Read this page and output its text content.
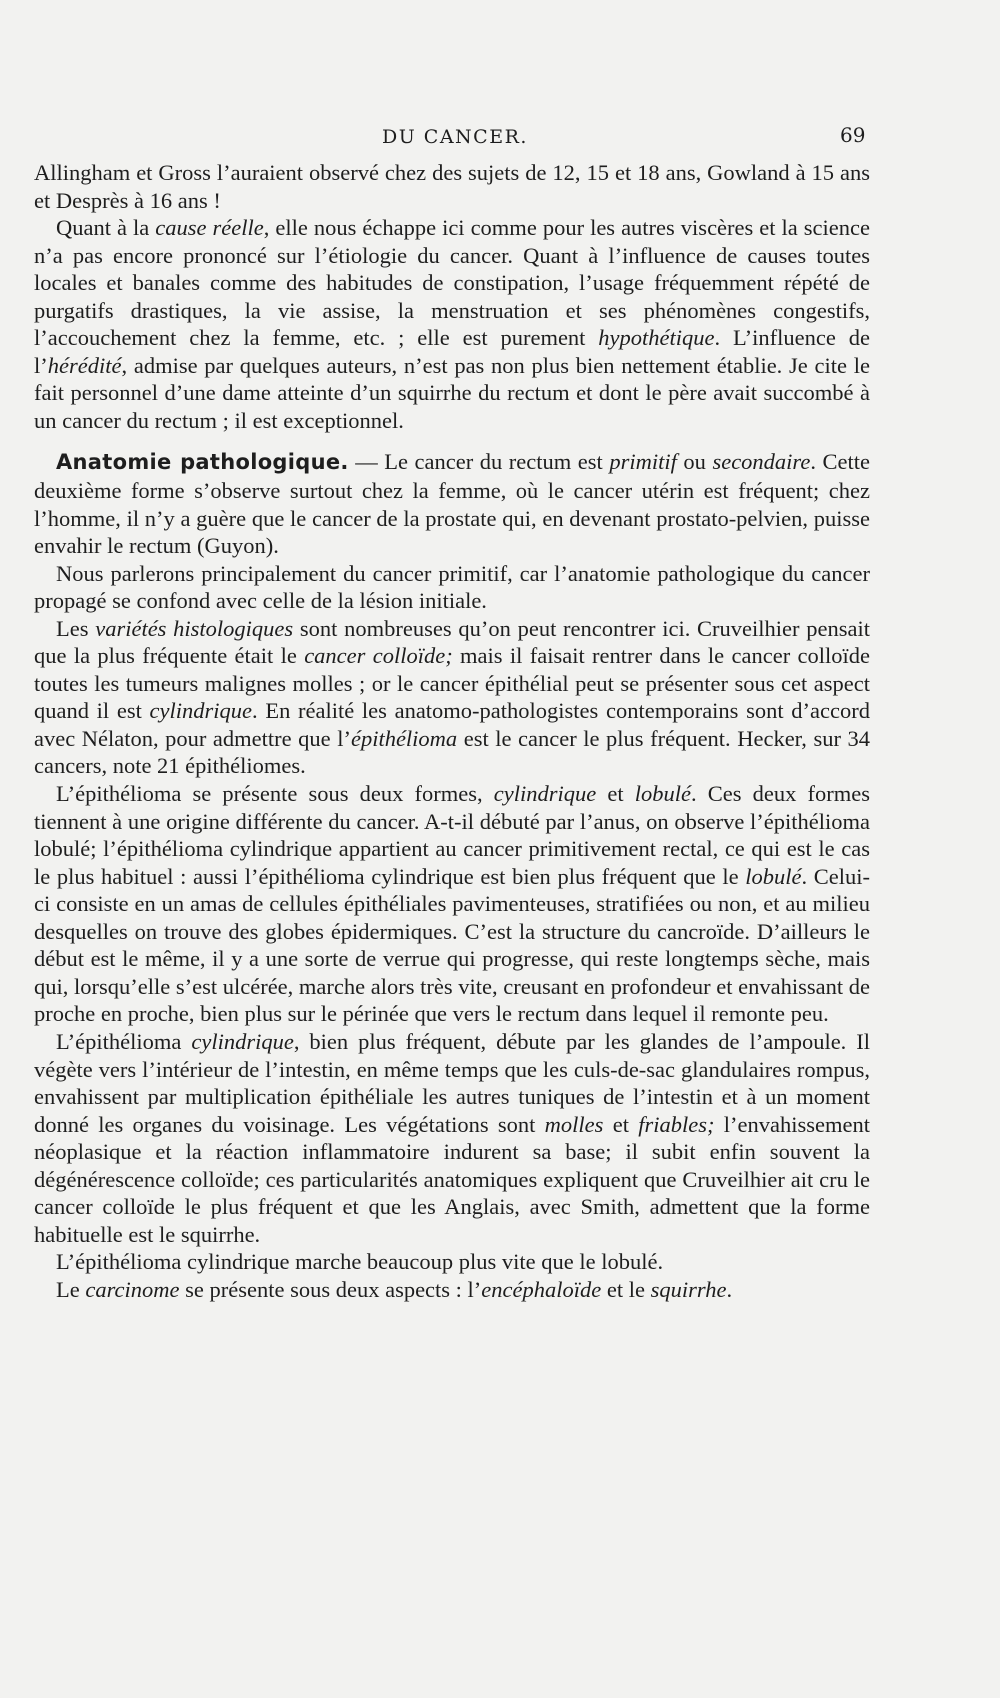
DU CANCER.	69

Allingham et Gross l’auraient observé chez des sujets de 12, 15 et 18 ans, Gowland à 15 ans et Desprès à 16 ans !

Quant à la cause réelle, elle nous échappe ici comme pour les autres viscères et la science n’a pas encore prononcé sur l’étiologie du cancer. Quant à l’influence de causes toutes locales et banales comme des habitudes de constipation, l’usage fréquemment répété de purgatifs drastiques, la vie assise, la menstruation et ses phénomènes congestifs, l’accouchement chez la femme, etc. ; elle est purement hypothétique. L’influence de l’hérédité, admise par quelques auteurs, n’est pas non plus bien nettement établie. Je cite le fait personnel d’une dame atteinte d’un squirrhe du rectum et dont le père avait succombé à un cancer du rectum ; il est exceptionnel.

Anatomie pathologique. — Le cancer du rectum est primitif ou secondaire. Cette deuxième forme s’observe surtout chez la femme, où le cancer utérin est fréquent; chez l’homme, il n’y a guère que le cancer de la prostate qui, en devenant prostato-pelvien, puisse envahir le rectum (Guyon).

Nous parlerons principalement du cancer primitif, car l’anatomie pathologique du cancer propagé se confond avec celle de la lésion initiale.

Les variétés histologiques sont nombreuses qu’on peut rencontrer ici. Cruveilhier pensait que la plus fréquente était le cancer colloïde; mais il faisait rentrer dans le cancer colloïde toutes les tumeurs malignes molles ; or le cancer épithélial peut se présenter sous cet aspect quand il est cylindrique. En réalité les anatomo-pathologistes contemporains sont d’accord avec Nélaton, pour admettre que l’épithélioma est le cancer le plus fréquent. Hecker, sur 34 cancers, note 21 épithéliomes.

L’épithélioma se présente sous deux formes, cylindrique et lobulé. Ces deux formes tiennent à une origine différente du cancer. A-t-il débuté par l’anus, on observe l’épithélioma lobulé; l’épithélioma cylindrique appartient au cancer primitivement rectal, ce qui est le cas le plus habituel : aussi l’épithélioma cylindrique est bien plus fréquent que le lobulé. Celui-ci consiste en un amas de cellules épithéliales pavimenteuses, stratifiées ou non, et au milieu desquelles on trouve des globes épidermiques. C’est la structure du cancroïde. D’ailleurs le début est le même, il y a une sorte de verrue qui progresse, qui reste longtemps sèche, mais qui, lorsqu’elle s’est ulcérée, marche alors très vite, creusant en profondeur et envahissant de proche en proche, bien plus sur le périnée que vers le rectum dans lequel il remonte peu.

L’épithélioma cylindrique, bien plus fréquent, débute par les glandes de l’ampoule. Il végète vers l’intérieur de l’intestin, en même temps que les culs-de-sac glandulaires rompus, envahissent par multiplication épithéliale les autres tuniques de l’intestin et à un moment donné les organes du voisinage. Les végétations sont molles et friables; l’envahissement néoplasique et la réaction inflammatoire indurent sa base; il subit enfin souvent la dégénérescence colloïde; ces particularités anatomiques expliquent que Cruveilhier ait cru le cancer colloïde le plus fréquent et que les Anglais, avec Smith, admettent que la forme habituelle est le squirrhe.

L’épithélioma cylindrique marche beaucoup plus vite que le lobulé.

Le carcinome se présente sous deux aspects : l’encéphaloïde et le squirrhe.
